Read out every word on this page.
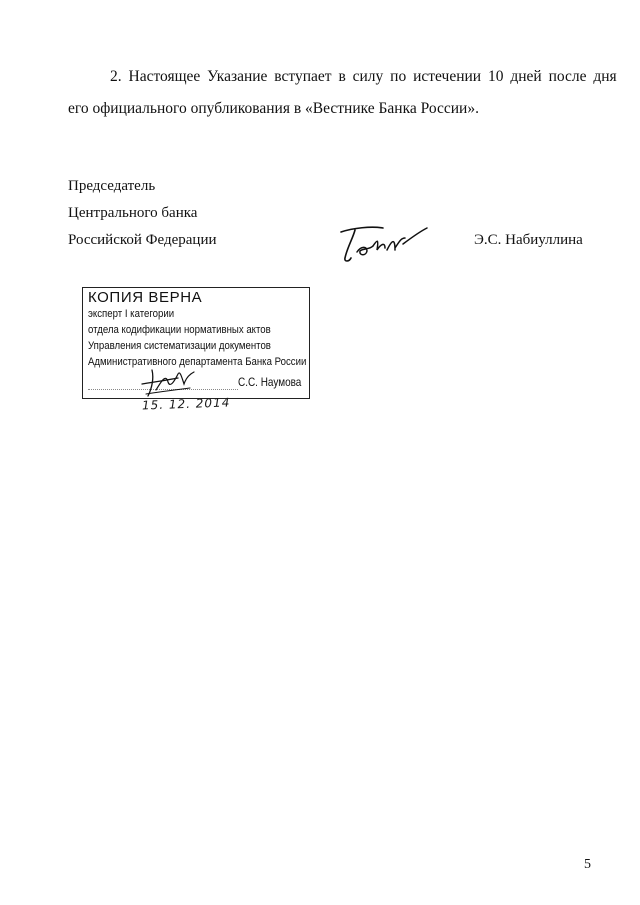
2. Настоящее Указание вступает в силу по истечении 10 дней после дня
его официального опубликования в «Вестнике Банка России».
Председатель
Центрального банка
Российской Федерации	Э.С. Набиуллина
КОПИЯ ВЕРНА
эксперт I категории
отдела кодификации нормативных актов
Управления систематизации документов
Административного департамента Банка России
С.С. Наумова
15. 12. 2014
5
